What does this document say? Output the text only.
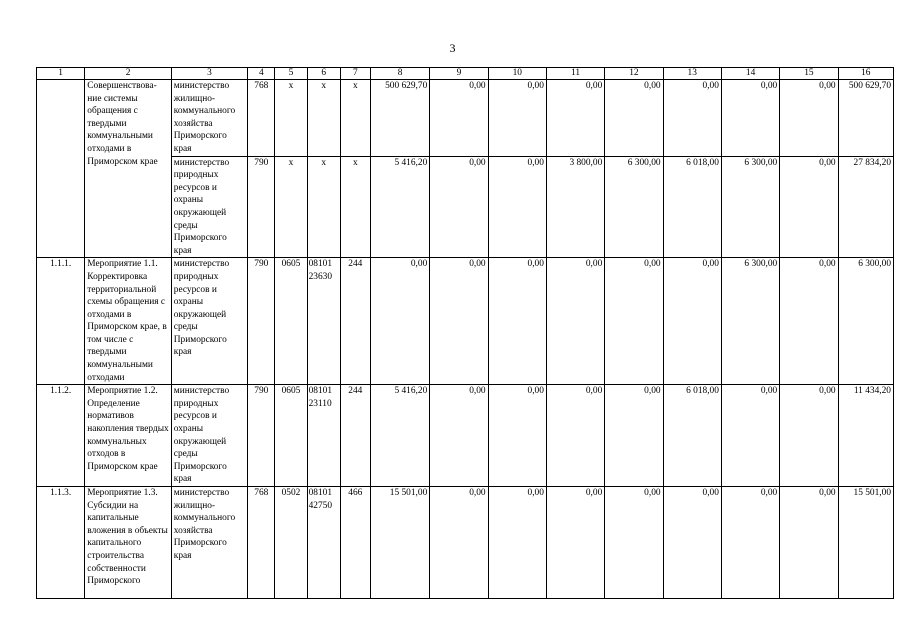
3
1	2	3	4	5	6	7	8	9	10	11	12	13	14	15	16
	Совершенствова-ние системы обращения с твердыми коммунальными отходами в Приморском крае	министерство жилищно-коммунального хозяйства Приморского края	768	х	х	х	500 629,70	0,00	0,00	0,00	0,00	0,00	0,00	0,00	500 629,70
		министерство природных ресурсов и охраны окружающей среды Приморского края	790	х	х	х	5 416,20	0,00	0,00	3 800,00	6 300,00	6 018,00	6 300,00	0,00	27 834,20
1.1.1.	Мероприятие 1.1. Корректировка территориальной схемы обращения с отходами в Приморском крае, в том числе с твердыми коммунальными отходами	министерство природных ресурсов и охраны окружающей среды Приморского края	790	0605	08101 23630	244	0,00	0,00	0,00	0,00	0,00	0,00	6 300,00	0,00	6 300,00
1.1.2.	Мероприятие 1.2. Определение нормативов накопления твердых коммунальных отходов в Приморском крае	министерство природных ресурсов и охраны окружающей среды Приморского края	790	0605	08101 23110	244	5 416,20	0,00	0,00	0,00	0,00	6 018,00	0,00	0,00	11 434,20
1.1.3.	Мероприятие 1.3. Субсидии на капитальные вложения в объекты капитального строительства собственности Приморского	министерство жилищно-коммунального хозяйства Приморского края	768	0502	08101 42750	466	15 501,00	0,00	0,00	0,00	0,00	0,00	0,00	0,00	15 501,00
